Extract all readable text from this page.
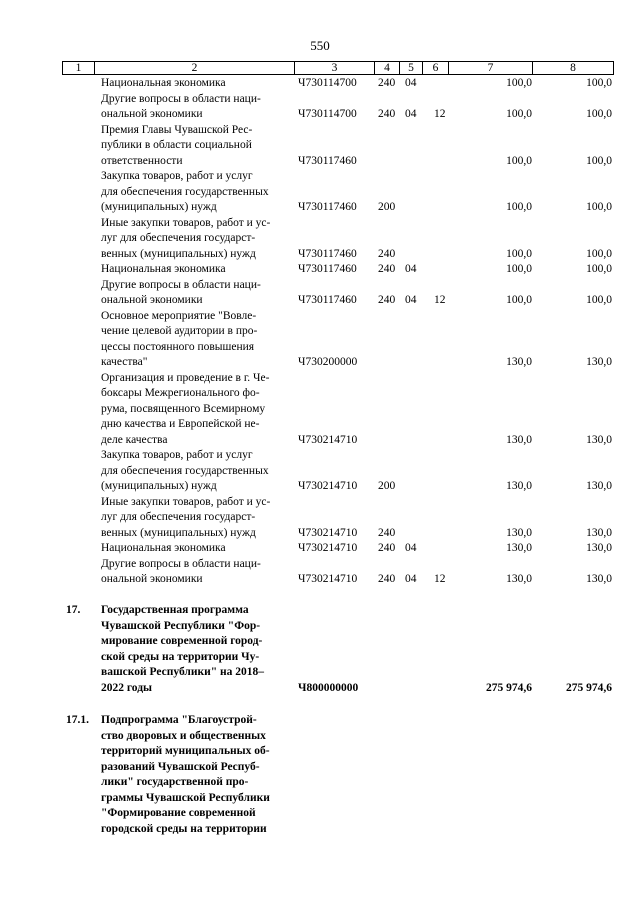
550
1	2	3	4	5	6	7	8
Национальная экономика	Ч730114700	240 04	100,0	100,0
Другие вопросы в области наци-
ональной экономики	Ч730114700	240 04	12	100,0	100,0
Премия Главы Чувашской Рес-
публики в области социальной
ответственности	Ч730117460	100,0	100,0
Закупка товаров, работ и услуг
для обеспечения государственных
(муниципальных) нужд	Ч730117460	200	100,0	100,0
Иные закупки товаров, работ и ус-
луг для обеспечения государст-
венных (муниципальных) нужд	Ч730117460	240	100,0	100,0
Национальная экономика	Ч730117460	240 04	100,0	100,0
Другие вопросы в области наци-
ональной экономики	Ч730117460	240 04	12	100,0	100,0
Основное мероприятие "Вовле-
чение целевой аудитории в про-
цессы постоянного повышения
качества"	Ч730200000	130,0	130,0
Организация и проведение в г. Че-
боксары Межрегионального фо-
рума, посвященного Всемирному
дню качества и Европейской не-
деле качества	Ч730214710	130,0	130,0
Закупка товаров, работ и услуг
для обеспечения государственных
(муниципальных) нужд	Ч730214710	200	130,0	130,0
Иные закупки товаров, работ и ус-
луг для обеспечения государст-
венных (муниципальных) нужд	Ч730214710	240	130,0	130,0
Национальная экономика	Ч730214710	240 04	130,0	130,0
Другие вопросы в области наци-
ональной экономики	Ч730214710	240 04	12	130,0	130,0
17.	Государственная программа
Чувашской Республики "Фор-
мирование современной город-
ской среды на территории Чу-
вашской Республики" на 2018–
2022 годы	Ч800000000	275 974,6	275 974,6
17.1.	Подпрограмма "Благоустрой-
ство дворовых и общественных
территорий муниципальных об-
разований Чувашской Респуб-
лики" государственной про-
граммы Чувашской Республики
"Формирование современной
городской среды на территории
